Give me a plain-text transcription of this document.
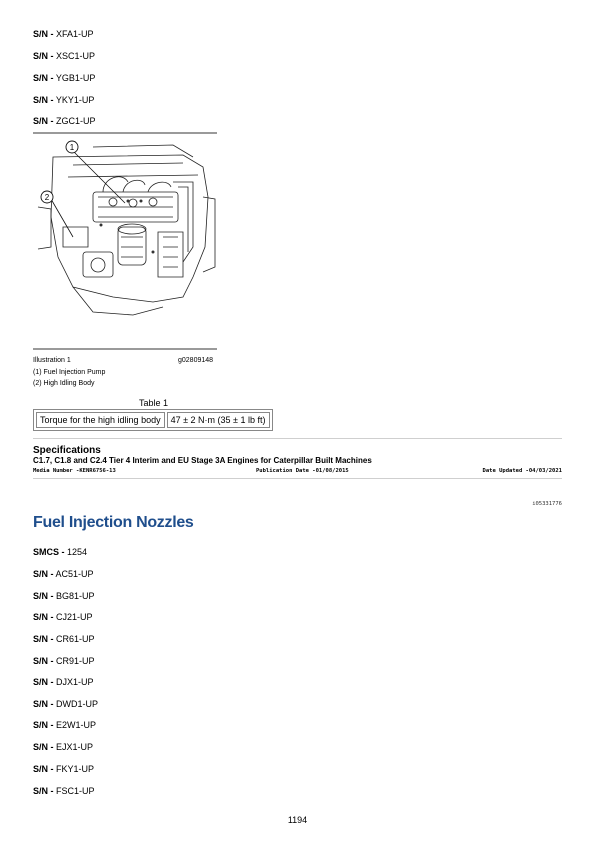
S/N - XFA1-UP
S/N - XSC1-UP
S/N - YGB1-UP
S/N - YKY1-UP
S/N - ZGC1-UP
1
2
Illustration 1	g02809148
(1) Fuel Injection Pump
(2) High Idling Body
Table 1
Torque for the high idling body	47 ± 2 N·m (35 ± 1 lb ft)
Specifications
C1.7, C1.8 and C2.4 Tier 4 Interim and EU Stage 3A Engines for Caterpillar Built Machines
Media Number -KENR6756-13	Publication Date -01/08/2015	Date Updated -04/03/2021
i05331776
Fuel Injection Nozzles
SMCS - 1254
S/N - AC51-UP
S/N - BG81-UP
S/N - CJ21-UP
S/N - CR61-UP
S/N - CR91-UP
S/N - DJX1-UP
S/N - DWD1-UP
S/N - E2W1-UP
S/N - EJX1-UP
S/N - FKY1-UP
S/N - FSC1-UP
1194
